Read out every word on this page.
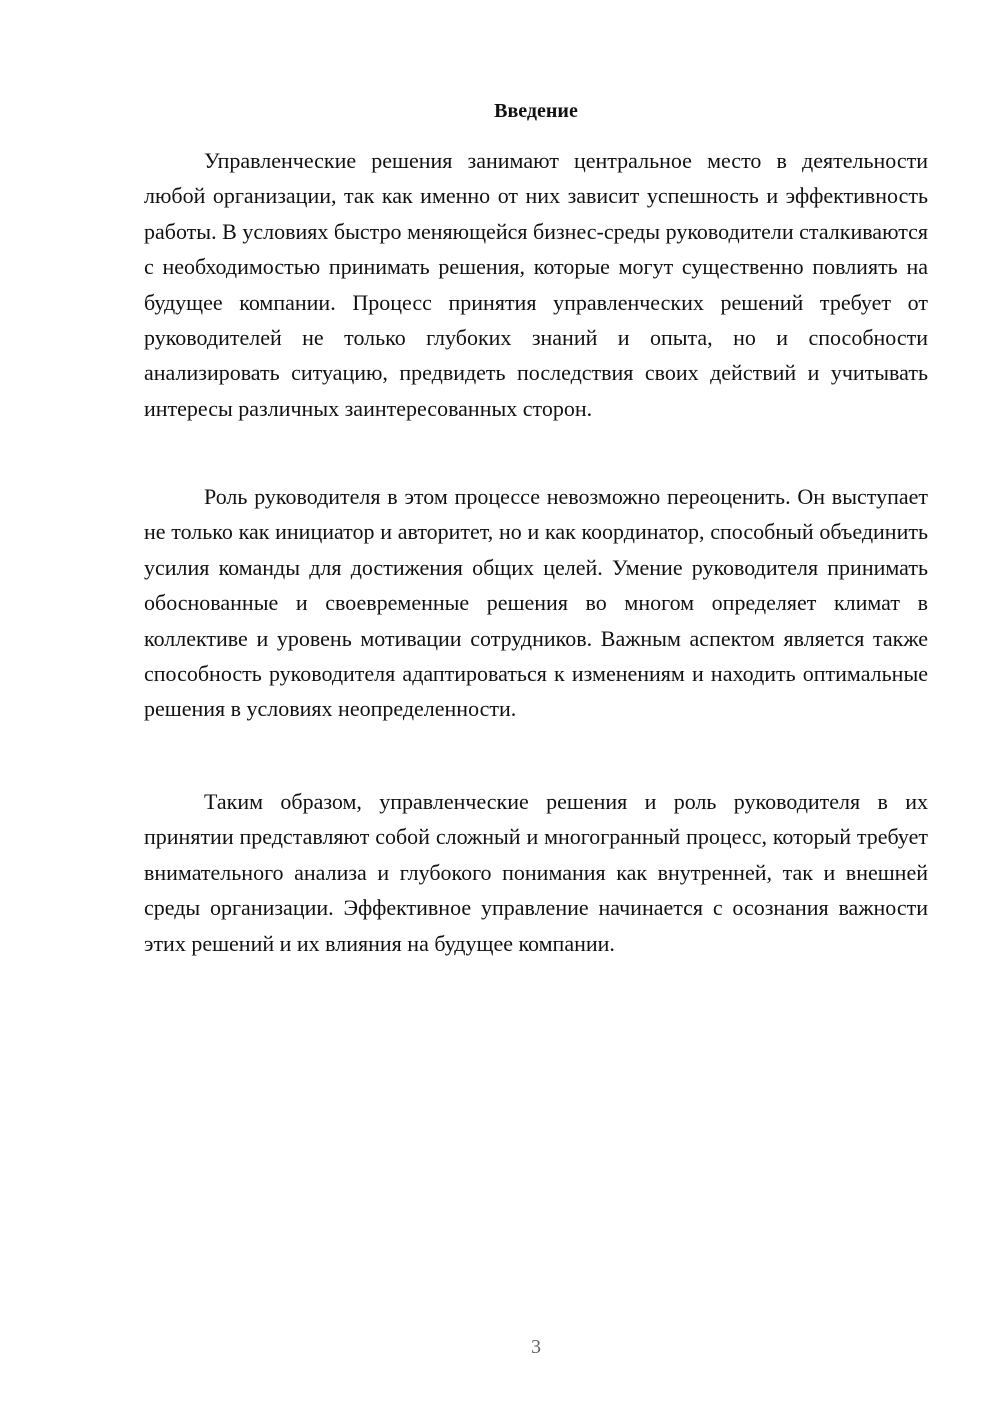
Введение

Управленческие решения занимают центральное место в деятельности любой организации, так как именно от них зависит успешность и эффективность работы. В условиях быстро меняющейся бизнес-среды руководители сталкиваются с необходимостью принимать решения, которые могут существенно повлиять на будущее компании. Процесс принятия управленческих решений требует от руководителей не только глубоких знаний и опыта, но и способности анализировать ситуацию, предвидеть последствия своих действий и учитывать интересы различных заинтересованных сторон.

Роль руководителя в этом процессе невозможно переоценить. Он выступает не только как инициатор и авторитет, но и как координатор, способный объединить усилия команды для достижения общих целей. Умение руководителя принимать обоснованные и своевременные решения во многом определяет климат в коллективе и уровень мотивации сотрудников. Важным аспектом является также способность руководителя адаптироваться к изменениям и находить оптимальные решения в условиях неопределенности.

Таким образом, управленческие решения и роль руководителя в их принятии представляют собой сложный и многогранный процесс, который требует внимательного анализа и глубокого понимания как внутренней, так и внешней среды организации. Эффективное управление начинается с осознания важности этих решений и их влияния на будущее компании.

3
